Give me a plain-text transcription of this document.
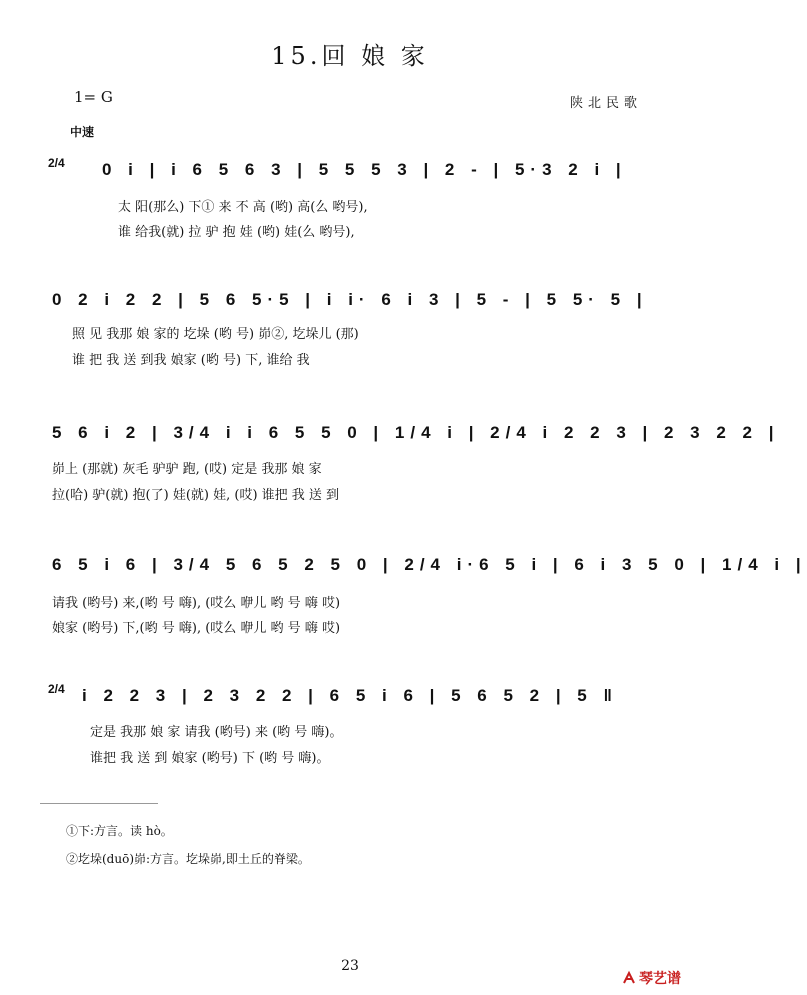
15.回 娘 家
1= G	陕北民歌
中速
2/4 0 i | i 6 5 6 3 | 5 5 5 3 | 2 - | 5·3 2 i |
太 阳(那么) 下① 来 不 高 (哟) 高(么 哟号),
谁 给我(就) 拉 驴 抱 娃 (哟) 娃(么 哟号),
0 2 i 2 2 | 5 6 5·5 | i i· 6 i 3 | 5 - | 5 5· 5 |
照 见 我那 娘 家的 圪垛 (哟 号) 峁②, 圪垛儿 (那)
谁 把 我 送 到我 娘家 (哟 号) 下, 谁给 我
5 6 i 2 | 3/4 i i 6 5 5 0 | 1/4 i | 2/4 i 2 2 3 | 2 3 2 2 |
峁上 (那就) 灰毛 驴驴 跑, (哎) 定是 我那 娘 家
拉(哈) 驴(就) 抱(了) 娃(就) 娃, (哎) 谁把 我 送 到
6 5 i 6 | 3/4 5 6 5 2 5 0 | 2/4 i·6 5 i | 6 i 3 5 0 | 1/4 i |
请我 (哟号) 来,(哟 号 嗨), (哎么 咿儿 哟 号 嗨 哎)
娘家 (哟号) 下,(哟 号 嗨), (哎么 咿儿 哟 号 嗨 哎)
2/4 i 2 2 3 | 2 3 2 2 | 6 5 i 6 | 5 6 5 2 | 5 ‖
定是 我那 娘 家 请我 (哟号) 来 (哟 号 嗨)。
谁把 我 送 到 娘家 (哟号) 下 (哟 号 嗨)。
①下:方言。读 hò。
②圪垛(duō)峁:方言。圪垛峁,即土丘的脊梁。
23
琴艺谱
